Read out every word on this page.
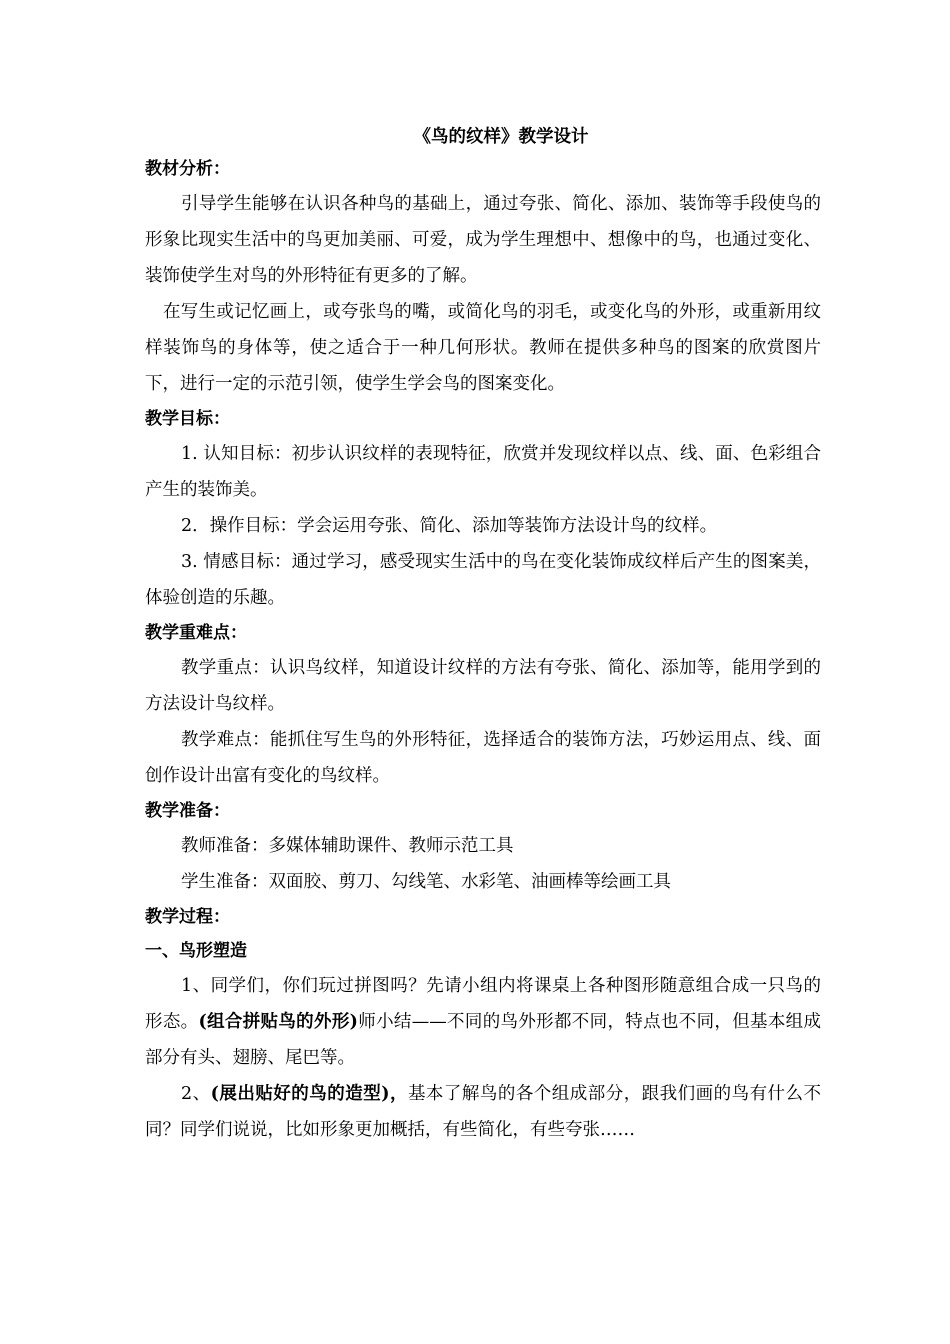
《鸟的纹样》教学设计
教材分析：

引导学生能够在认识各种鸟的基础上，通过夸张、简化、添加、装饰等手段使鸟的形象比现实生活中的鸟更加美丽、可爱，成为学生理想中、想像中的鸟，也通过变化、装饰使学生对鸟的外形特征有更多的了解。

在写生或记忆画上，或夸张鸟的嘴，或简化鸟的羽毛，或变化鸟的外形，或重新用纹样装饰鸟的身体等，使之适合于一种几何形状。教师在提供多种鸟的图案的欣赏图片下，进行一定的示范引领，使学生学会鸟的图案变化。

教学目标：

1. 认知目标：初步认识纹样的表现特征，欣赏并发现纹样以点、线、面、色彩组合产生的装饰美。

2．操作目标：学会运用夸张、简化、添加等装饰方法设计鸟的纹样。

3. 情感目标：通过学习，感受现实生活中的鸟在变化装饰成纹样后产生的图案美，体验创造的乐趣。

教学重难点：

教学重点：认识鸟纹样，知道设计纹样的方法有夸张、简化、添加等，能用学到的方法设计鸟纹样。

教学难点：能抓住写生鸟的外形特征，选择适合的装饰方法，巧妙运用点、线、面创作设计出富有变化的鸟纹样。

教学准备：

教师准备：多媒体辅助课件、教师示范工具

学生准备：双面胶、剪刀、勾线笔、水彩笔、油画棒等绘画工具

教学过程：
一、鸟形塑造

1、同学们，你们玩过拼图吗？先请小组内将课桌上各种图形随意组合成一只鸟的形态。(组合拼贴鸟的外形)师小结——不同的鸟外形都不同，特点也不同，但基本组成部分有头、翅膀、尾巴等。

2、(展出贴好的鸟的造型)，基本了解鸟的各个组成部分，跟我们画的鸟有什么不同？同学们说说，比如形象更加概括，有些简化，有些夸张……
